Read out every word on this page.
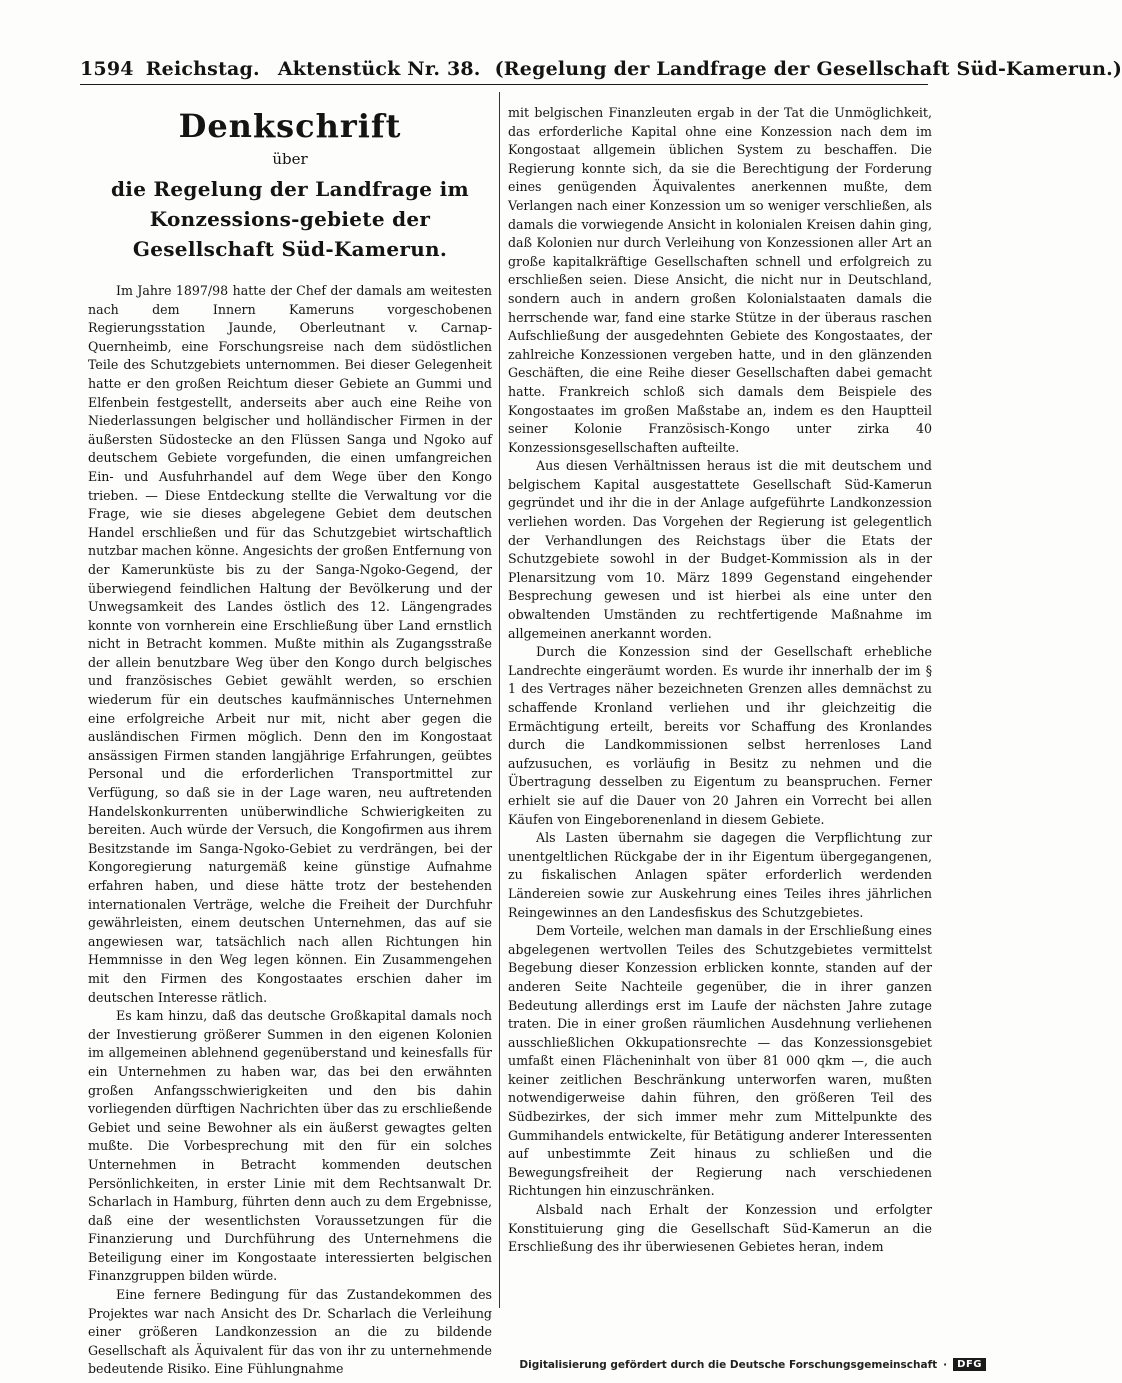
1594 Reichstag. Aktenstück Nr. 38. (Regelung der Landfrage der Gesellschaft Süd-Kamerun.)
Denkschrift
über
die Regelung der Landfrage im Konzessions-gebiete der Gesellschaft Süd-Kamerun.

Im Jahre 1897/98 hatte der Chef der damals am weitesten nach dem Innern Kameruns vorgeschobenen Regierungsstation Jaunde, Oberleutnant v. Carnap-Quernheimb, eine Forschungsreise nach dem südöstlichen Teile des Schutzgebiets unternommen. Bei dieser Gelegenheit hatte er den großen Reichtum dieser Gebiete an Gummi und Elfenbein festgestellt, anderseits aber auch eine Reihe von Niederlassungen belgischer und holländischer Firmen in der äußersten Südostecke an den Flüssen Sanga und Ngoko auf deutschem Gebiete vorgefunden, die einen umfangreichen Ein- und Ausfuhrhandel auf dem Wege über den Kongo trieben. — Diese Entdeckung stellte die Verwaltung vor die Frage, wie sie dieses abgelegene Gebiet dem deutschen Handel erschließen und für das Schutzgebiet wirtschaftlich nutzbar machen könne. Angesichts der großen Entfernung von der Kamerunküste bis zu der Sanga-Ngoko-Gegend, der überwiegend feindlichen Haltung der Bevölkerung und der Unwegsamkeit des Landes östlich des 12. Längengrades konnte von vornherein eine Erschließung über Land ernstlich nicht in Betracht kommen. Mußte mithin als Zugangsstraße der allein benutzbare Weg über den Kongo durch belgisches und französisches Gebiet gewählt werden, so erschien wiederum für ein deutsches kaufmännisches Unternehmen eine erfolgreiche Arbeit nur mit, nicht aber gegen die ausländischen Firmen möglich. Denn den im Kongostaat ansässigen Firmen standen langjährige Erfahrungen, geübtes Personal und die erforderlichen Transportmittel zur Verfügung, so daß sie in der Lage waren, neu auftretenden Handelskonkurrenten unüberwindliche Schwierigkeiten zu bereiten. Auch würde der Versuch, die Kongofirmen aus ihrem Besitzstande im Sanga-Ngoko-Gebiet zu verdrängen, bei der Kongoregierung naturgemäß keine günstige Aufnahme erfahren haben, und diese hätte trotz der bestehenden internationalen Verträge, welche die Freiheit der Durchfuhr gewährleisten, einem deutschen Unternehmen, das auf sie angewiesen war, tatsächlich nach allen Richtungen hin Hemmnisse in den Weg legen können. Ein Zusammengehen mit den Firmen des Kongostaates erschien daher im deutschen Interesse rätlich.

Es kam hinzu, daß das deutsche Großkapital damals noch der Investierung größerer Summen in den eigenen Kolonien im allgemeinen ablehnend gegenüberstand und keinesfalls für ein Unternehmen zu haben war, das bei den erwähnten großen Anfangsschwierigkeiten und den bis dahin vorliegenden dürftigen Nachrichten über das zu erschließende Gebiet und seine Bewohner als ein äußerst gewagtes gelten mußte. Die Vorbesprechung mit den für ein solches Unternehmen in Betracht kommenden deutschen Persönlichkeiten, in erster Linie mit dem Rechtsanwalt Dr. Scharlach in Hamburg, führten denn auch zu dem Ergebnisse, daß eine der wesentlichsten Voraussetzungen für die Finanzierung und Durchführung des Unternehmens die Beteiligung einer im Kongostaate interessierten belgischen Finanzgruppen bilden würde.

Eine fernere Bedingung für das Zustandekommen des Projektes war nach Ansicht des Dr. Scharlach die Verleihung einer größeren Landkonzession an die zu bildende Gesellschaft als Äquivalent für das von ihr zu unternehmende bedeutende Risiko. Eine Fühlungnahme

mit belgischen Finanzleuten ergab in der Tat die Unmöglichkeit, das erforderliche Kapital ohne eine Konzession nach dem im Kongostaat allgemein üblichen System zu beschaffen. Die Regierung konnte sich, da sie die Berechtigung der Forderung eines genügenden Äquivalentes anerkennen mußte, dem Verlangen nach einer Konzession um so weniger verschließen, als damals die vorwiegende Ansicht in kolonialen Kreisen dahin ging, daß Kolonien nur durch Verleihung von Konzessionen aller Art an große kapitalkräftige Gesellschaften schnell und erfolgreich zu erschließen seien. Diese Ansicht, die nicht nur in Deutschland, sondern auch in andern großen Kolonialstaaten damals die herrschende war, fand eine starke Stütze in der überaus raschen Aufschließung der ausgedehnten Gebiete des Kongostaates, der zahlreiche Konzessionen vergeben hatte, und in den glänzenden Geschäften, die eine Reihe dieser Gesellschaften dabei gemacht hatte. Frankreich schloß sich damals dem Beispiele des Kongostaates im großen Maßstabe an, indem es den Hauptteil seiner Kolonie Französisch-Kongo unter zirka 40 Konzessionsgesellschaften aufteilte.

Aus diesen Verhältnissen heraus ist die mit deutschem und belgischem Kapital ausgestattete Gesellschaft Süd-Kamerun gegründet und ihr die in der Anlage aufgeführte Landkonzession verliehen worden. Das Vorgehen der Regierung ist gelegentlich der Verhandlungen des Reichstags über die Etats der Schutzgebiete sowohl in der Budget-Kommission als in der Plenarsitzung vom 10. März 1899 Gegenstand eingehender Besprechung gewesen und ist hierbei als eine unter den obwaltenden Umständen zu rechtfertigende Maßnahme im allgemeinen anerkannt worden.

Durch die Konzession sind der Gesellschaft erhebliche Landrechte eingeräumt worden. Es wurde ihr innerhalb der im § 1 des Vertrages näher bezeichneten Grenzen alles demnächst zu schaffende Kronland verliehen und ihr gleichzeitig die Ermächtigung erteilt, bereits vor Schaffung des Kronlandes durch die Landkommissionen selbst herrenloses Land aufzusuchen, es vorläufig in Besitz zu nehmen und die Übertragung desselben zu Eigentum zu beanspruchen. Ferner erhielt sie auf die Dauer von 20 Jahren ein Vorrecht bei allen Käufen von Eingeborenenland in diesem Gebiete.

Als Lasten übernahm sie dagegen die Verpflichtung zur unentgeltlichen Rückgabe der in ihr Eigentum übergegangenen, zu fiskalischen Anlagen später erforderlich werdenden Ländereien sowie zur Auskehrung eines Teiles ihres jährlichen Reingewinnes an den Landesfiskus des Schutzgebietes.

Dem Vorteile, welchen man damals in der Erschließung eines abgelegenen wertvollen Teiles des Schutzgebietes vermittelst Begebung dieser Konzession erblicken konnte, standen auf der anderen Seite Nachteile gegenüber, die in ihrer ganzen Bedeutung allerdings erst im Laufe der nächsten Jahre zutage traten. Die in einer großen räumlichen Ausdehnung verliehenen ausschließlichen Okkupationsrechte — das Konzessionsgebiet umfaßt einen Flächeninhalt von über 81 000 qkm —, die auch keiner zeitlichen Beschränkung unterworfen waren, mußten notwendigerweise dahin führen, den größeren Teil des Südbezirkes, der sich immer mehr zum Mittelpunkte des Gummihandels entwickelte, für Betätigung anderer Interessenten auf unbestimmte Zeit hinaus zu schließen und die Bewegungsfreiheit der Regierung nach verschiedenen Richtungen hin einzuschränken.

Alsbald nach Erhalt der Konzession und erfolgter Konstituierung ging die Gesellschaft Süd-Kamerun an die Erschließung des ihr überwiesenen Gebietes heran, indem

Digitalisierung gefördert durch die Deutsche Forschungsgemeinschaft ·	DFG
